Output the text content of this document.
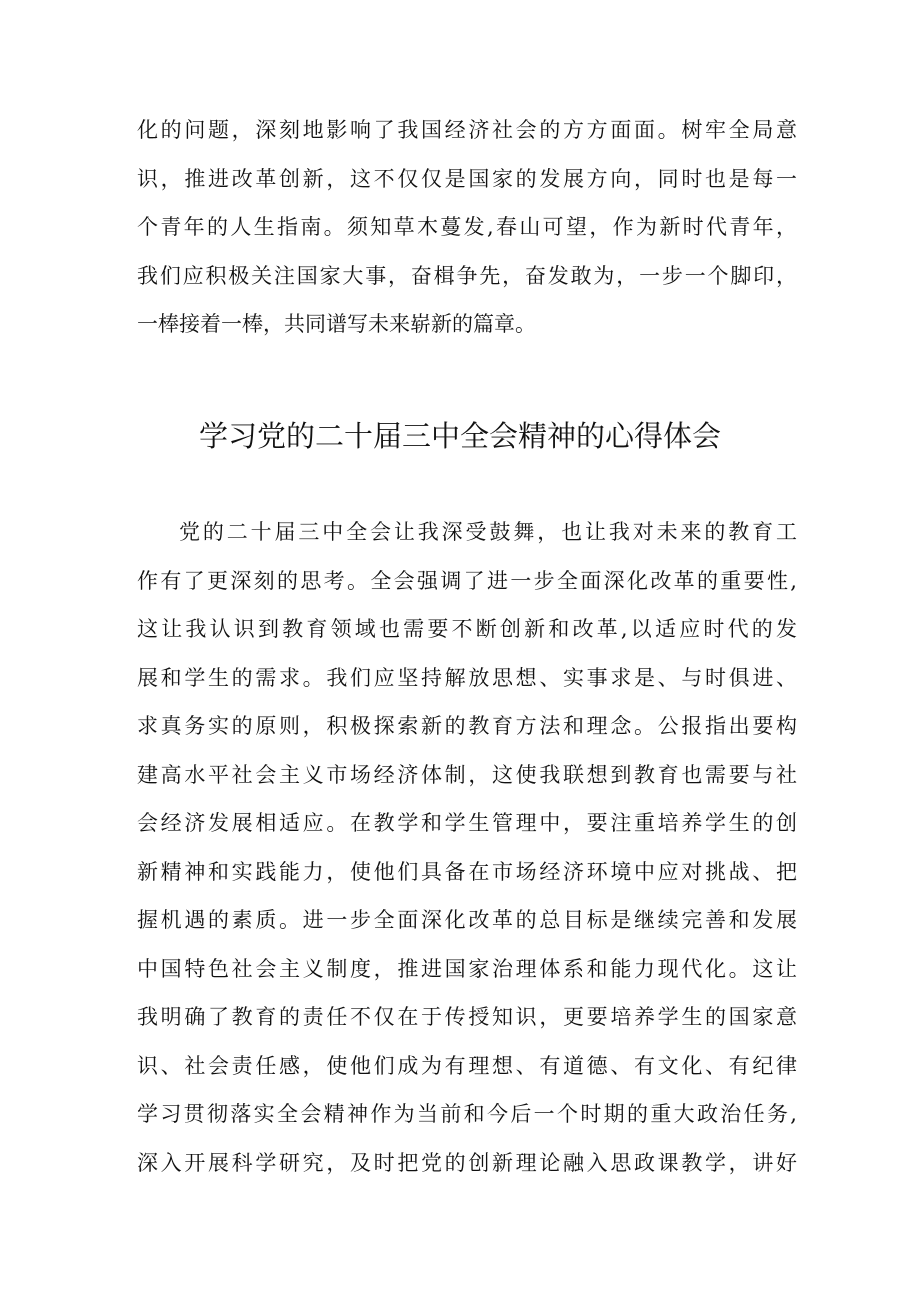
化的问题，深刻地影响了我国经济社会的方方面面。树牢全局意
识，推进改革创新，这不仅仅是国家的发展方向，同时也是每一
个青年的人生指南。须知草木蔓发,春山可望，作为新时代青年，
我们应积极关注国家大事，奋楫争先，奋发敢为，一步一个脚印，
一棒接着一棒，共同谱写未来崭新的篇章。
学习党的二十届三中全会精神的心得体会
党的二十届三中全会让我深受鼓舞，也让我对未来的教育工
作有了更深刻的思考。全会强调了进一步全面深化改革的重要性,
这让我认识到教育领域也需要不断创新和改革,以适应时代的发
展和学生的需求。我们应坚持解放思想、实事求是、与时俱进、
求真务实的原则，积极探索新的教育方法和理念。公报指出要构
建高水平社会主义市场经济体制，这使我联想到教育也需要与社
会经济发展相适应。在教学和学生管理中，要注重培养学生的创
新精神和实践能力，使他们具备在市场经济环境中应对挑战、把
握机遇的素质。进一步全面深化改革的总目标是继续完善和发展
中国特色社会主义制度，推进国家治理体系和能力现代化。这让
我明确了教育的责任不仅在于传授知识，更要培养学生的国家意
识、社会责任感，使他们成为有理想、有道德、有文化、有纪律
学习贯彻落实全会精神作为当前和今后一个时期的重大政治任务,
深入开展科学研究，及时把党的创新理论融入思政课教学，讲好
